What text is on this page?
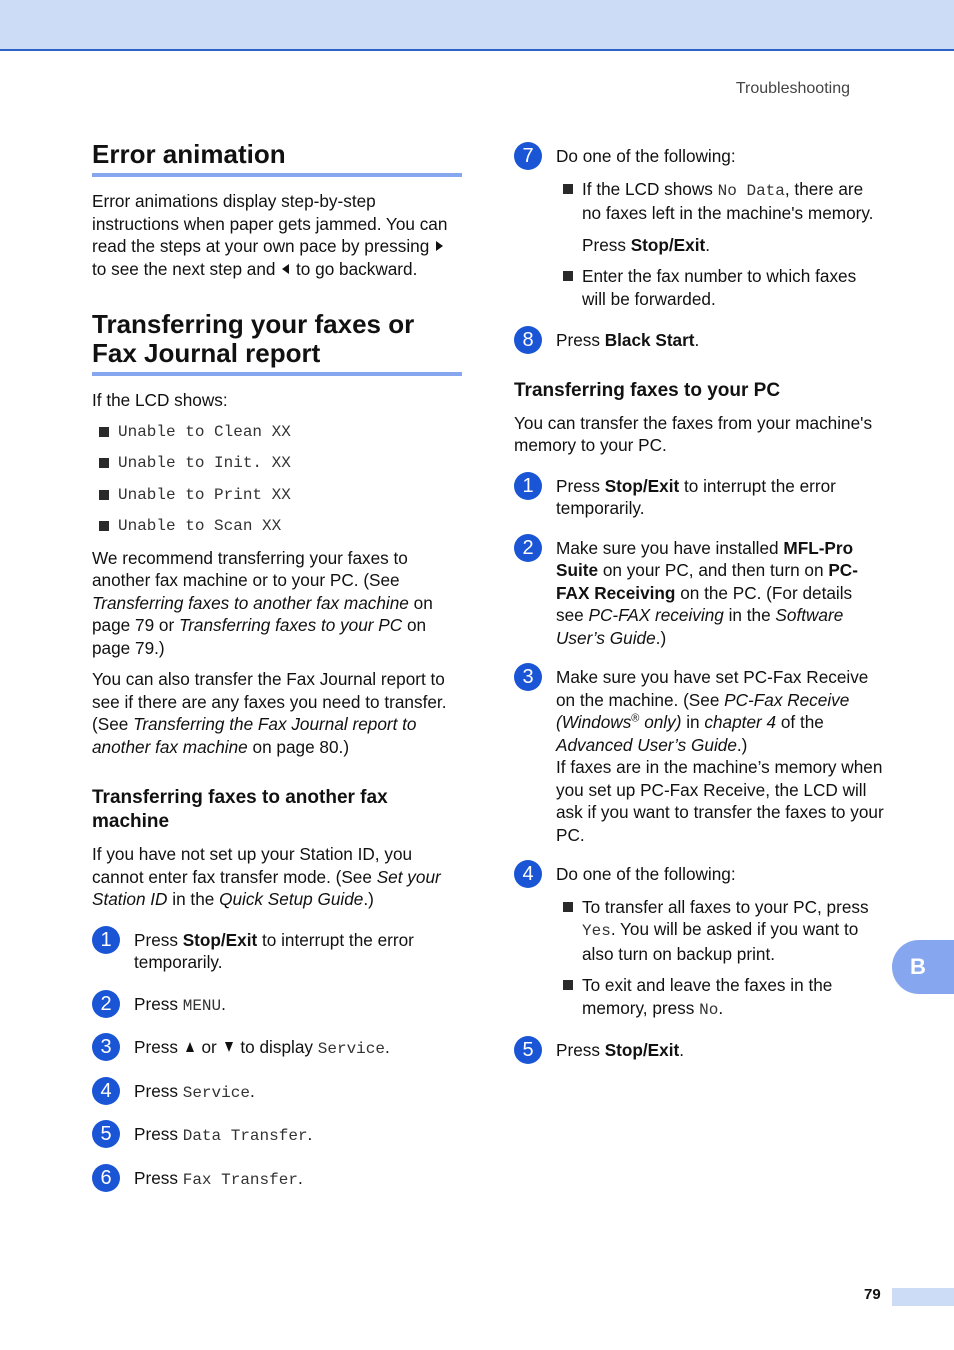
Troubleshooting
Error animation

Error animations display step-by-step instructions when paper gets jammed. You can read the steps at your own pace by pressing  to see the next step and to go backward.

Transferring your faxes or Fax Journal report

If the LCD shows:

Unable to Clean XX
Unable to Init. XX
Unable to Print XX
Unable to Scan XX

We recommend transferring your faxes to another fax machine or to your PC. (See Transferring faxes to another fax machine on page 79 or Transferring faxes to your PC on page 79.)

You can also transfer the Fax Journal report to see if there are any faxes you need to transfer. (See Transferring the Fax Journal report to another fax machine on page 80.)

Transferring faxes to another fax machine

If you have not set up your Station ID, you cannot enter fax transfer mode. (See Set your Station ID in the Quick Setup Guide.)

1	Press Stop/Exit to interrupt the error temporarily.
2	Press MENU.
3	Press or to display Service.
4	Press Service.
5	Press Data Transfer.
6	Press Fax Transfer.
7	Do one of the following:
If the LCD shows No Data, there are no faxes left in the machine's memory.

Press Stop/Exit.

Enter the fax number to which faxes will be forwarded.
8	Press Black Start.
Transferring faxes to your PC

You can transfer the faxes from your machine's memory to your PC.

1	Press Stop/Exit to interrupt the error temporarily.
2	Make sure you have installed MFL-Pro Suite on your PC, and then turn on PC-FAX Receiving on the PC. (For details see PC-FAX receiving in the Software User’s Guide.)
3	Make sure you have set PC-Fax Receive on the machine. (See PC-Fax Receive (Windows® only) in chapter 4 of the Advanced User’s Guide.)
If faxes are in the machine’s memory when you set up PC-Fax Receive, the LCD will ask if you want to transfer the faxes to your PC.
4	Do one of the following:
To transfer all faxes to your PC, press Yes. You will be asked if you want to also turn on backup print.
To exit and leave the faxes in the memory, press No.
5	Press Stop/Exit.
B
79
